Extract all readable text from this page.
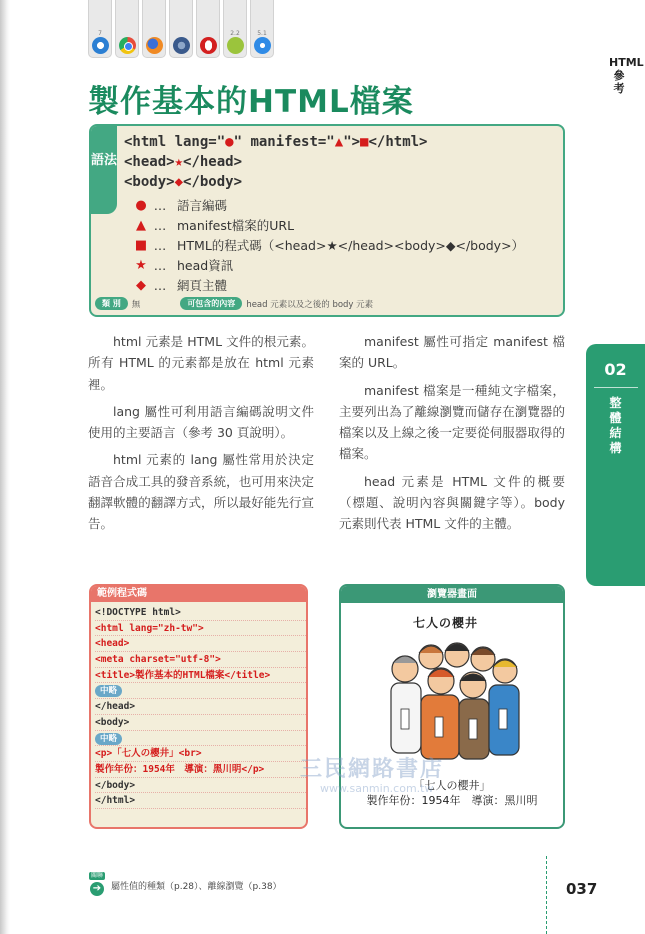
7	2.2	5.1
HTML參考
02
整體結構
製作基本的HTML檔案
語法
<html lang="●" manifest="▲">■</html>
<head>★</head>
<body>◆</body>
● … 語言編碼
▲ … manifest檔案的URL
■ … HTML的程式碼（<head>★</head><body>◆</body>）
★ … head資訊
◆ … 網頁主體
類 別	無	可包含的內容	head 元素以及之後的 body 元素

html 元素是 HTML 文件的根元素。所有 HTML 的元素都是放在 html 元素裡。

lang 屬性可利用語言編碼說明文件使用的主要語言（參考 30 頁說明）。

html 元素的 lang 屬性常用於決定語音合成工具的發音系統，也可用來決定翻譯軟體的翻譯方式，所以最好能先行宣告。

manifest 屬性可指定 manifest 檔案的 URL。

manifest 檔案是一種純文字檔案，主要列出為了離線瀏覽而儲存在瀏覽器的檔案以及上線之後一定要從伺服器取得的檔案。

head 元素是 HTML 文件的概要（標題、說明內容與關鍵字等）。body 元素則代表 HTML 文件的主體。

範例程式碼
<!DOCTYPE html>
<html lang="zh-tw">
<head>
<meta charset="utf-8">
<title>製作基本的HTML檔案</title>
中略
</head>
<body>
中略
<p>「七人の櫻井」<br>
製作年份：1954年　導演：黑川明</p>
</body>
</html>
瀏覽器畫面
七人の櫻井
「七人の櫻井」
製作年份：1954年　導演：黑川明
三民網路書店
www.sanmin.com.tw
關聯
➔	屬性值的種類（p.28）、離線瀏覽（p.38）	037
